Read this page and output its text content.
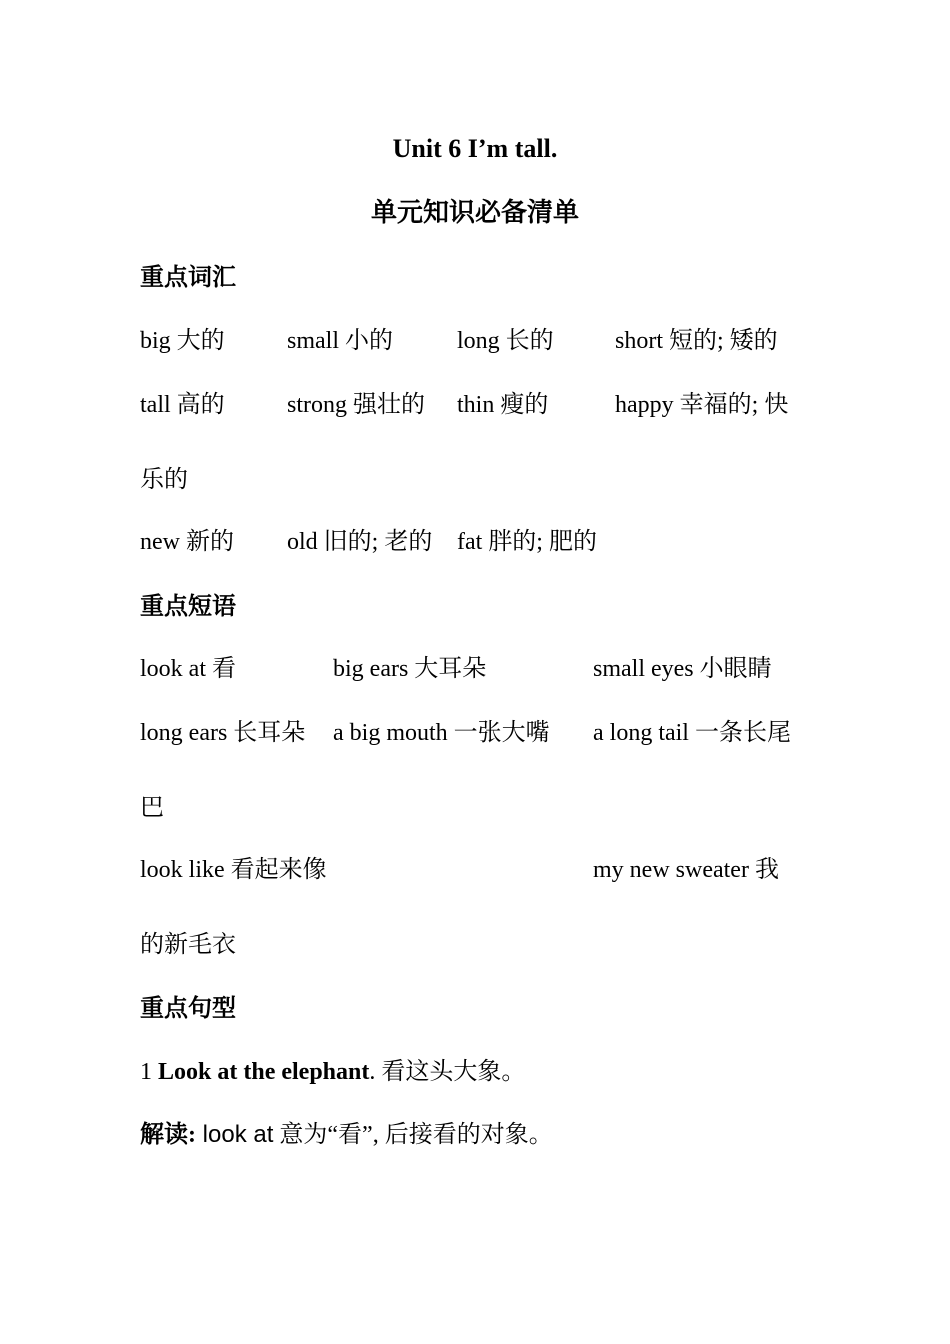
Unit 6 I’m tall.
单元知识必备清单
重点词汇
big 大的	small 小的	long 长的	short 短的; 矮的
tall 高的	strong 强壮的 thin 瘦的	happy 幸福的; 快
乐的
new 新的 old 旧的; 老的 fat 胖的; 肥的
重点短语
look at 看	big ears 大耳朵	small eyes 小眼睛
long ears 长耳朵 a big mouth 一张大嘴 a long tail 一条长尾
巴
look like 看起来像	my new sweater 我
的新毛衣
重点句型
1 Look at the elephant. 看这头大象。
解读: look at 意为“看”, 后接看的对象。
